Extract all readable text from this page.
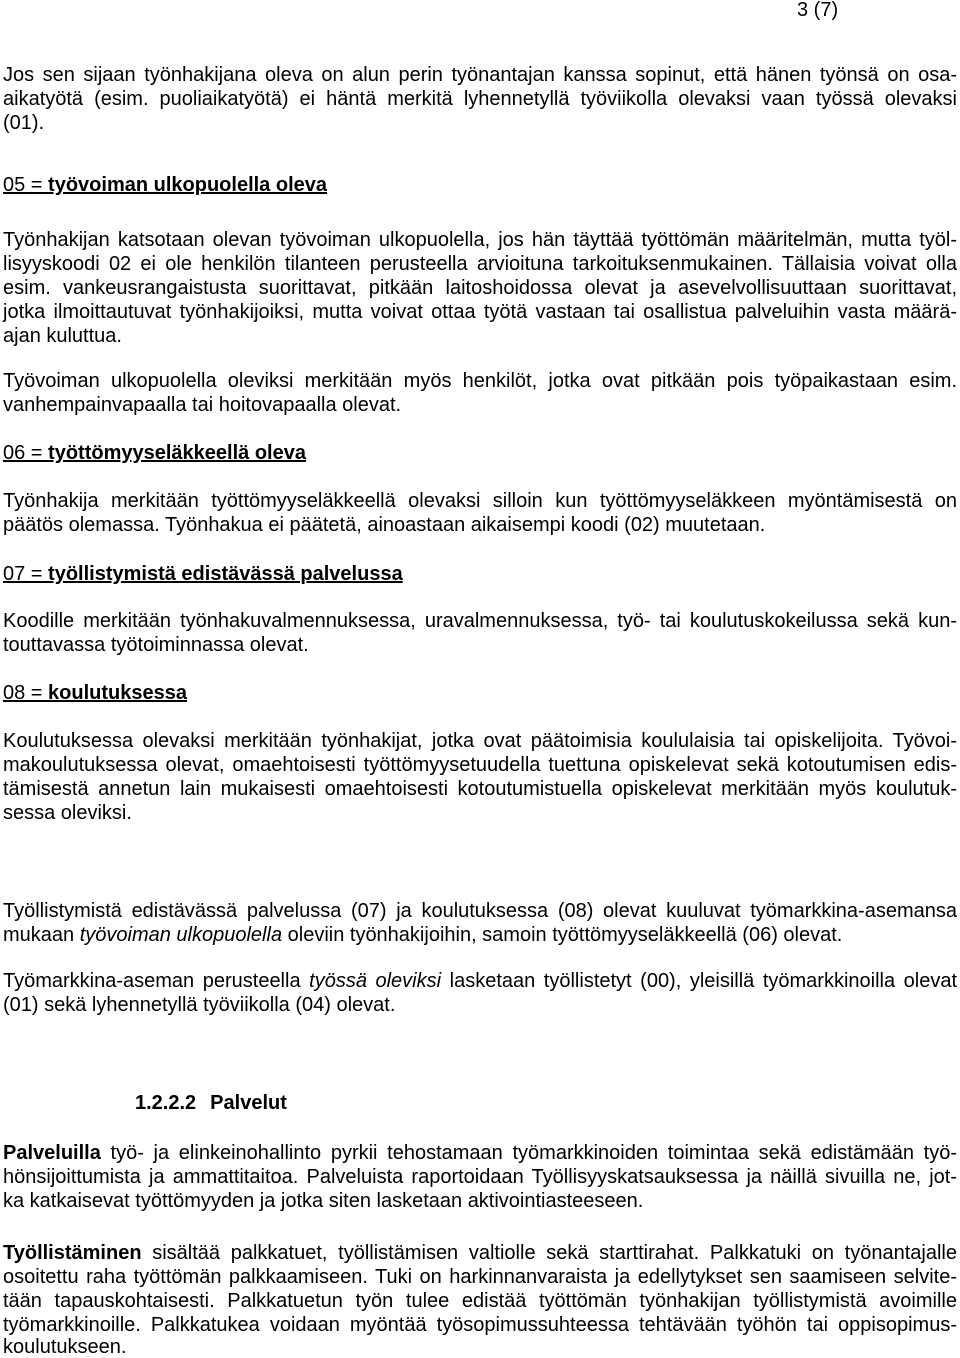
3 (7)
Jos sen sijaan työnhakijana oleva on alun perin työnantajan kanssa sopinut, että hänen työnsä on osa-
aikatyötä (esim. puoliaikatyötä) ei häntä merkitä lyhennetyllä työviikolla olevaksi vaan työssä olevaksi
(01).
05 = työvoiman ulkopuolella oleva
Työnhakijan katsotaan olevan työvoiman ulkopuolella, jos hän täyttää työttömän määritelmän, mutta työl-
lisyyskoodi 02 ei ole henkilön tilanteen perusteella arvioituna tarkoituksenmukainen. Tällaisia voivat olla
esim. vankeusrangaistusta suorittavat, pitkään laitoshoidossa olevat ja asevelvollisuuttaan suorittavat,
jotka ilmoittautuvat työnhakijoiksi, mutta voivat ottaa työtä vastaan tai osallistua palveluihin vasta määrä-
ajan kuluttua.
Työvoiman ulkopuolella oleviksi merkitään myös henkilöt, jotka ovat pitkään pois työpaikastaan esim.
vanhempainvapaalla tai hoitovapaalla olevat.
06 = työttömyyseläkkeellä oleva
Työnhakija merkitään työttömyyseläkkeellä olevaksi silloin kun työttömyyseläkkeen myöntämisestä on
päätös olemassa. Työnhakua ei päätetä, ainoastaan aikaisempi koodi (02) muutetaan.
07 = työllistymistä edistävässä palvelussa
Koodille merkitään työnhakuvalmennuksessa, uravalmennuksessa, työ- tai koulutuskokeilussa sekä kun-
touttavassa työtoiminnassa olevat.
08 = koulutuksessa
Koulutuksessa olevaksi merkitään työnhakijat, jotka ovat päätoimisia koululaisia tai opiskelijoita. Työvoi-
makoulutuksessa olevat, omaehtoisesti työttömyysetuudella tuettuna opiskelevat sekä kotoutumisen edis-
tämisestä annetun lain mukaisesti omaehtoisesti kotoutumistuella opiskelevat merkitään myös koulutuk-
sessa oleviksi.
Työllistymistä edistävässä palvelussa (07) ja koulutuksessa (08) olevat kuuluvat työmarkkina-asemansa
mukaan työvoiman ulkopuolella oleviin työnhakijoihin, samoin työttömyyseläkkeellä (06) olevat.
Työmarkkina-aseman perusteella työssä oleviksi lasketaan työllistetyt (00), yleisillä työmarkkinoilla olevat
(01) sekä lyhennetyllä työviikolla (04) olevat.
1.2.2.2 Palvelut
Palveluilla työ- ja elinkeinohallinto pyrkii tehostamaan työmarkkinoiden toimintaa sekä edistämään työ-
hönsijoittumista ja ammattitaitoa. Palveluista raportoidaan Työllisyyskatsauksessa ja näillä sivuilla ne, jot-
ka katkaisevat työttömyyden ja jotka siten lasketaan aktivointiasteeseen.
Työllistäminen sisältää palkkatuet, työllistämisen valtiolle sekä starttirahat. Palkkatuki on työnantajalle
osoitettu raha työttömän palkkaamiseen. Tuki on harkinnanvaraista ja edellytykset sen saamiseen selvite-
tään tapauskohtaisesti. Palkkatuetun työn tulee edistää työttömän työnhakijan työllistymistä avoimille
työmarkkinoille. Palkkatukea voidaan myöntää työsopimussuhteessa tehtävään työhön tai oppisopimus-
koulutukseen.
